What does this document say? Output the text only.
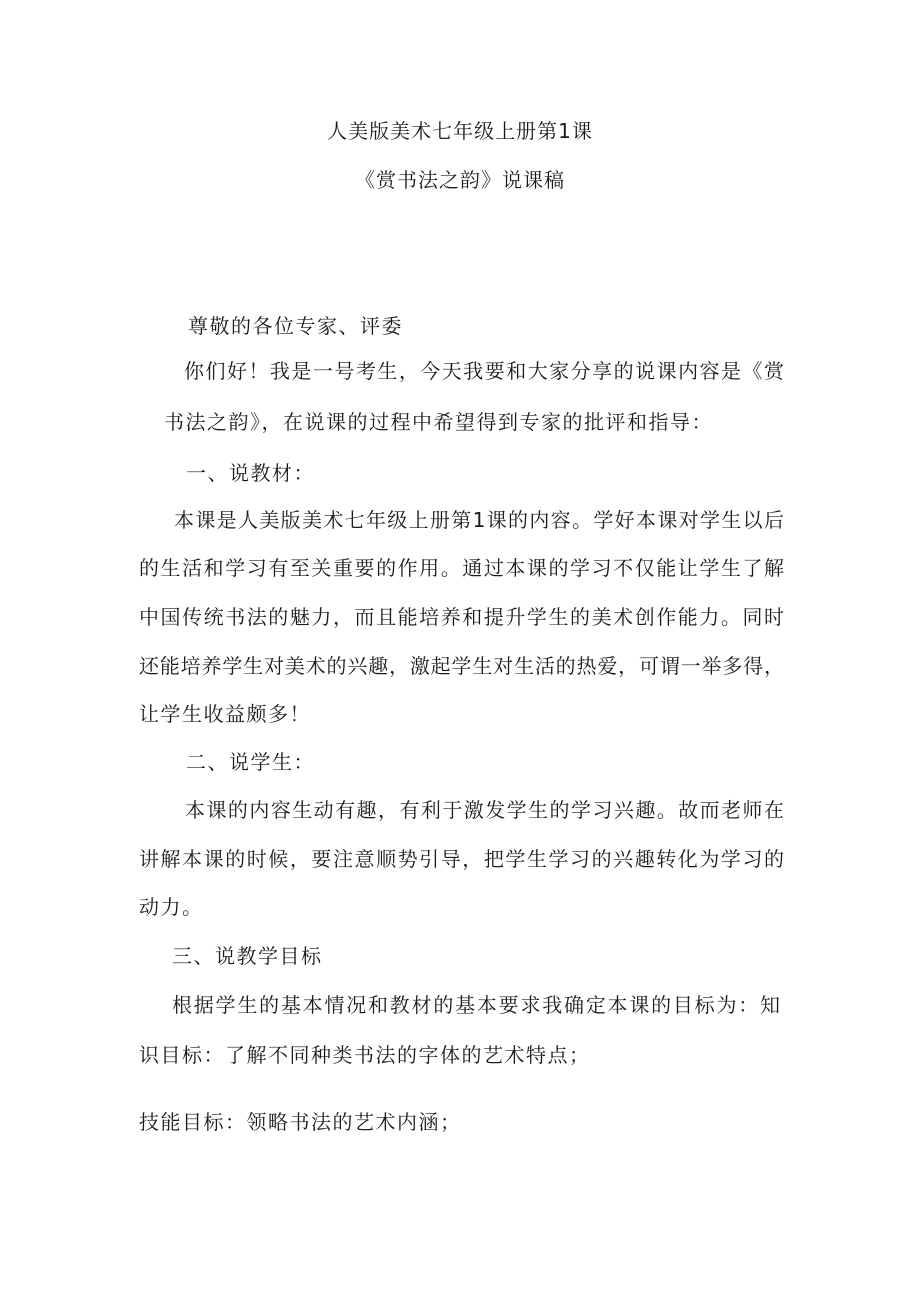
人美版美术七年级上册第1课
《赏书法之韵》说课稿
尊敬的各位专家、评委
你们好！我是一号考生，今天我要和大家分享的说课内容是《赏
书法之韵》，在说课的过程中希望得到专家的批评和指导：
一、说教材：
本课是人美版美术七年级上册第1课的内容。学好本课对学生以后
的生活和学习有至关重要的作用。通过本课的学习不仅能让学生了解
中国传统书法的魅力，而且能培养和提升学生的美术创作能力。同时
还能培养学生对美术的兴趣，激起学生对生活的热爱，可谓一举多得，
让学生收益颇多！
二、说学生：
本课的内容生动有趣，有利于激发学生的学习兴趣。故而老师在
讲解本课的时候，要注意顺势引导，把学生学习的兴趣转化为学习的
动力。
三、说教学目标
根据学生的基本情况和教材的基本要求我确定本课的目标为：知
识目标：了解不同种类书法的字体的艺术特点；
技能目标：领略书法的艺术内涵；
